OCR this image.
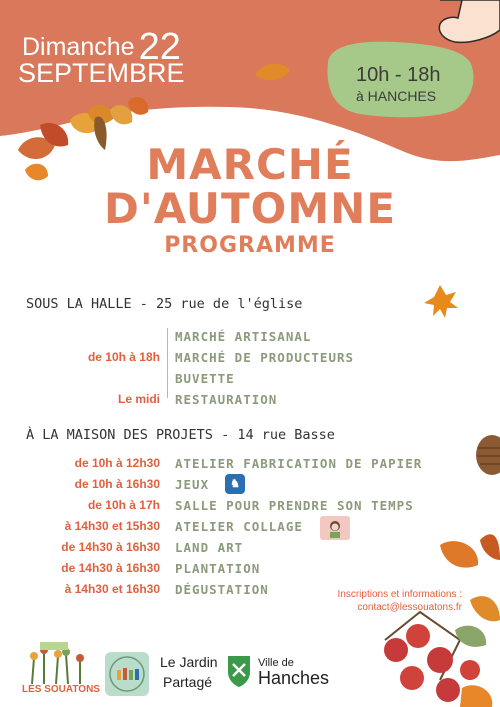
Dimanche 22
SEPTEMBRE	10h - 18h
à HANCHES
MARCHÉ
D'AUTOMNE
PROGRAMME
SOUS LA HALLE - 25 rue de l'église
MARCHÉ ARTISANAL
de 10h à 18h MARCHÉ DE PRODUCTEURS
BUVETTE
Le midi RESTAURATION
À LA MAISON DES PROJETS - 14 rue Basse
de 10h à 12h30 ATELIER FABRICATION DE PAPIER
de 10h à 16h30 JEUX	♞
de 10h à 17h SALLE POUR PRENDRE SON TEMPS
à 14h30 et 15h30 ATELIER COLLAGE
de 14h30 à 16h30 LAND ART
de 14h30 à 16h30 PLANTATION
à 14h30 et 16h30 DÉGUSTATION	Inscriptions et informations :
contact@lessouatons.fr
LES SOUATONS
Le Jardin
Partagé
Ville de
Hanches
